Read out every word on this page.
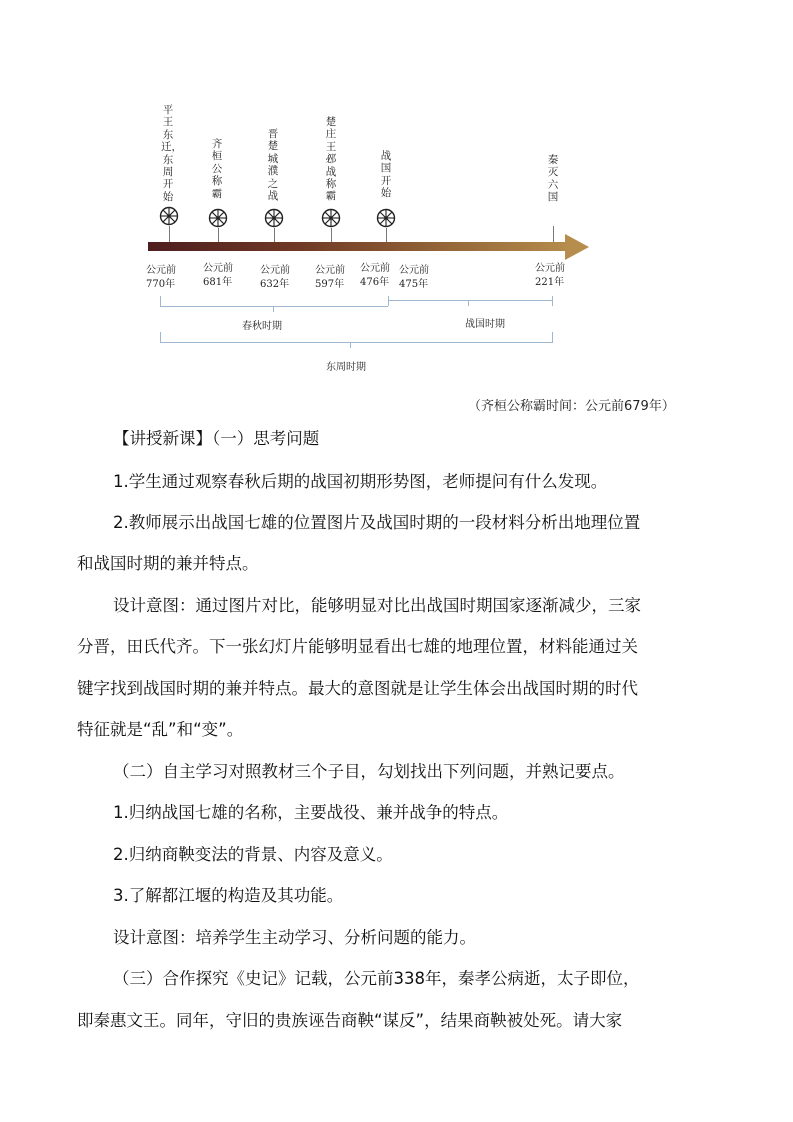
平王东迁，东周开始
齐桓公称霸
晋楚城濮之战
楚庄王邲战称霸
战国开始
秦灭六国
公元前
770年
公元前
681年
公元前
632年
公元前
597年
公元前
476年
公元前
475年
公元前
221年
春秋时期	战国时期
东周时期
（齐桓公称霸时间：公元前679年）
【讲授新课】（一）思考问题
1.学生通过观察春秋后期的战国初期形势图，老师提问有什么发现。
2.教师展示出战国七雄的位置图片及战国时期的一段材料分析出地理位置
和战国时期的兼并特点。
设计意图：通过图片对比，能够明显对比出战国时期国家逐渐减少，三家
分晋，田氏代齐。下一张幻灯片能够明显看出七雄的地理位置，材料能通过关
键字找到战国时期的兼并特点。最大的意图就是让学生体会出战国时期的时代
特征就是“乱”和“变”。
（二）自主学习对照教材三个子目，勾划找出下列问题，并熟记要点。
1.归纳战国七雄的名称，主要战役、兼并战争的特点。
2.归纳商鞅变法的背景、内容及意义。
3.了解都江堰的构造及其功能。
设计意图：培养学生主动学习、分析问题的能力。
（三）合作探究《史记》记载，公元前338年，秦孝公病逝，太子即位，
即秦惠文王。同年，守旧的贵族诬告商鞅“谋反”，结果商鞅被处死。请大家
